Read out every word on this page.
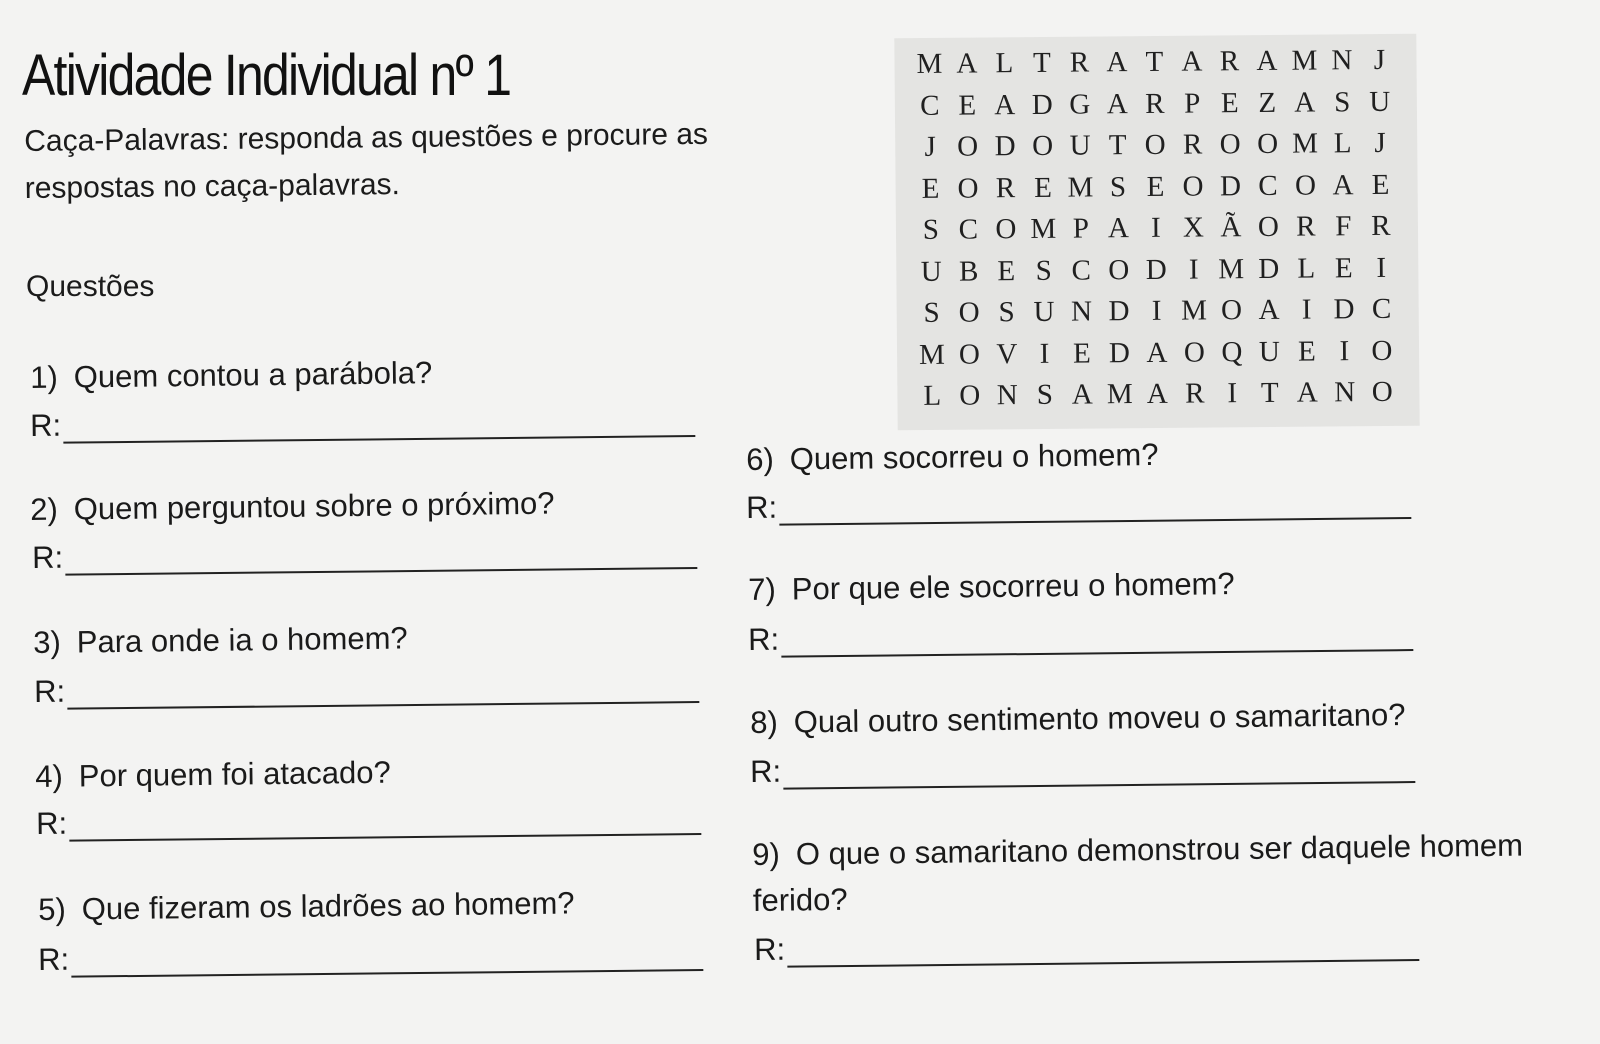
Atividade Individual nº 1
Caça-Palavras: responda as questões e procure as respostas no caça-palavras.
Questões
M A L T R A T A R A M N J
C E A D G A R P E Z A S U
J O D O U T O R O O M L J
E O R E M S E O D C O A E
S C O M P A I X Ã O R F R
U B E S C O D I M D L E I
S O S U N D I M O A I D C
M O V I E D A O Q U E I O
L O N S A M A R I T A N O
1) Quem contou a parábola?
R:
2) Quem perguntou sobre o próximo?
R:
3) Para onde ia o homem?
R:
4) Por quem foi atacado?
R:
5) Que fizeram os ladrões ao homem?
R:
6) Quem socorreu o homem?
R:
7) Por que ele socorreu o homem?
R:
8) Qual outro sentimento moveu o samaritano?
R:
9) O que o samaritano demonstrou ser daquele homem ferido?
R:
